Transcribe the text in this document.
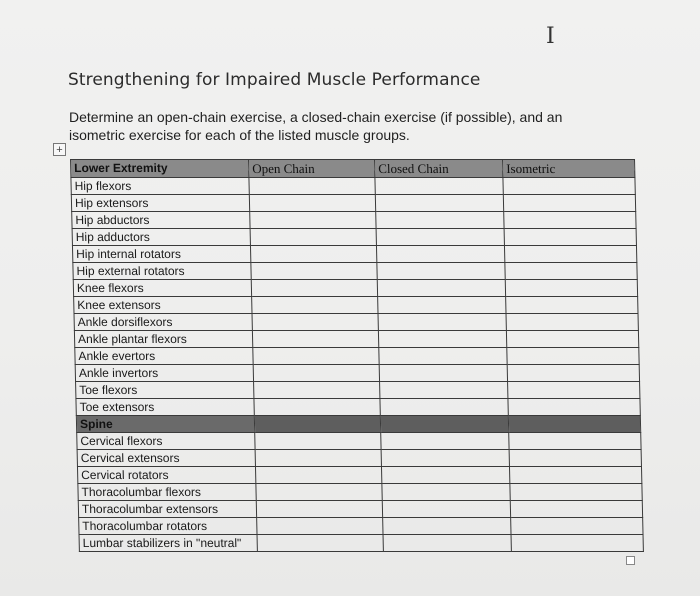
I
Strengthening for Impaired Muscle Performance
Determine an open-chain exercise, a closed-chain exercise (if possible), and an isometric exercise for each of the listed muscle groups.
+
Lower Extremity	Open Chain	Closed Chain	Isometric
Hip flexors			
Hip extensors			
Hip abductors			
Hip adductors			
Hip internal rotators			
Hip external rotators			
Knee flexors			
Knee extensors			
Ankle dorsiflexors			
Ankle plantar flexors			
Ankle evertors			
Ankle invertors			
Toe flexors			
Toe extensors			
Spine			
Cervical flexors			
Cervical extensors			
Cervical rotators			
Thoracolumbar flexors			
Thoracolumbar extensors			
Thoracolumbar rotators			
Lumbar stabilizers in "neutral"			
